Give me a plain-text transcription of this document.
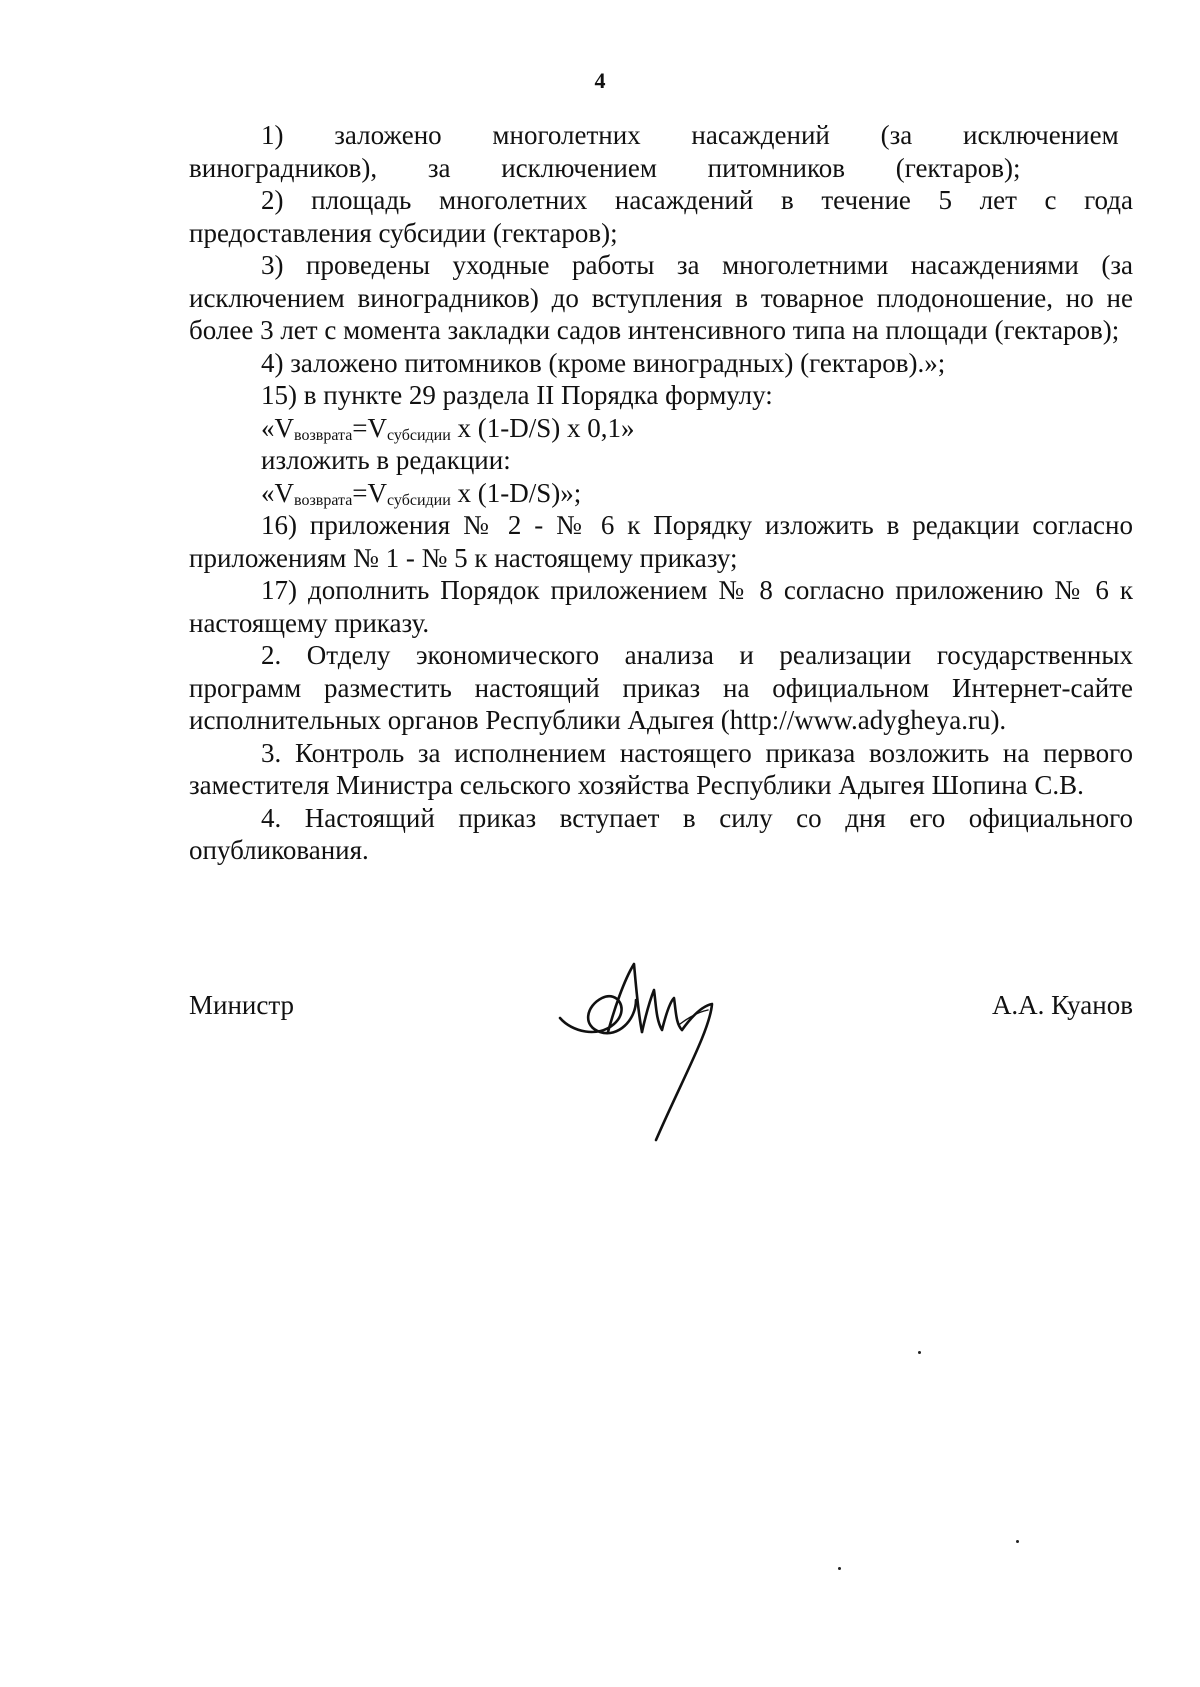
4

1) заложено многолетних насаждений (за исключением виноградников), за исключением питомников (гектаров);

2) площадь многолетних насаждений в течение 5 лет с года предоставления субсидии (гектаров);

3) проведены уходные работы за многолетними насаждениями (за исключением виноградников) до вступления в товарное плодоношение, но не более 3 лет с момента закладки садов интенсивного типа на площади (гектаров);

4) заложено питомников (кроме виноградных) (гектаров).»;

15) в пункте 29 раздела II Порядка формулу:

«$V_{возврата}=V_{субсидии}$ x (1-D/S) x 0,1»

изложить в редакции:

«$V_{возврата}=V_{субсидии}$ x (1-D/S)»;

16) приложения № 2 - № 6 к Порядку изложить в редакции согласно приложениям № 1 - № 5 к настоящему приказу;

17) дополнить Порядок приложением № 8 согласно приложению № 6 к настоящему приказу.

2. Отделу экономического анализа и реализации государственных программ разместить настоящий приказ на официальном Интернет-сайте исполнительных органов Республики Адыгея (http://www.adygheya.ru).

3. Контроль за исполнением настоящего приказа возложить на первого заместителя Министра сельского хозяйства Республики Адыгея Шопина С.В.

4. Настоящий приказ вступает в силу со дня его официального опубликования.

Министр	А.А. Куанов
